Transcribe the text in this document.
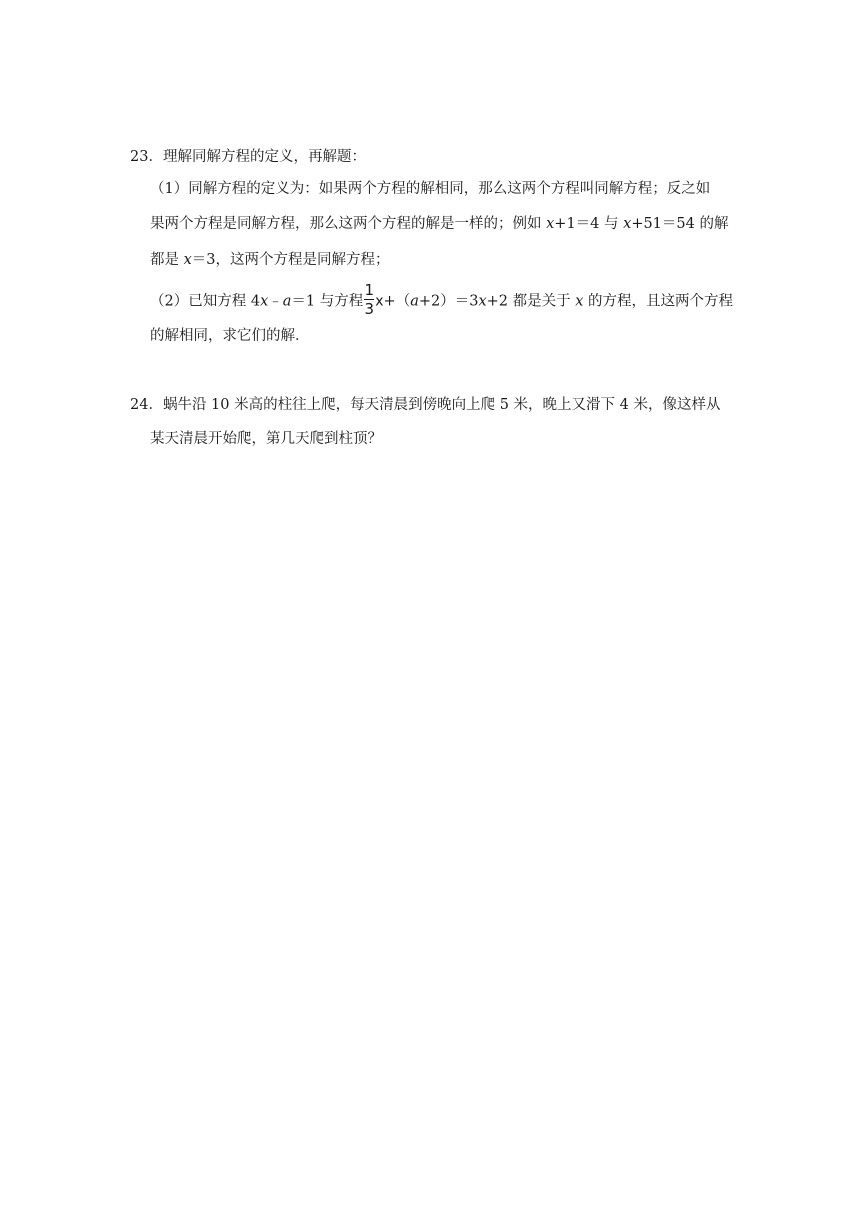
23．理解同解方程的定义，再解题：
（1）同解方程的定义为：如果两个方程的解相同，那么这两个方程叫同解方程；反之如
果两个方程是同解方程，那么这两个方程的解是一样的；例如 x+1＝4 与 x+51＝54 的解
都是 x＝3，这两个方程是同解方程；
（2）已知方程 4x﹣a＝1 与方程 $\frac{1}{3} x+(a+2)=3x+2$ 都是关于 x 的方程，且这两个方程
的解相同，求它们的解．
24．蜗牛沿 10 米高的柱往上爬，每天清晨到傍晚向上爬 5 米，晚上又滑下 4 米，像这样从
某天清晨开始爬，第几天爬到柱顶？
